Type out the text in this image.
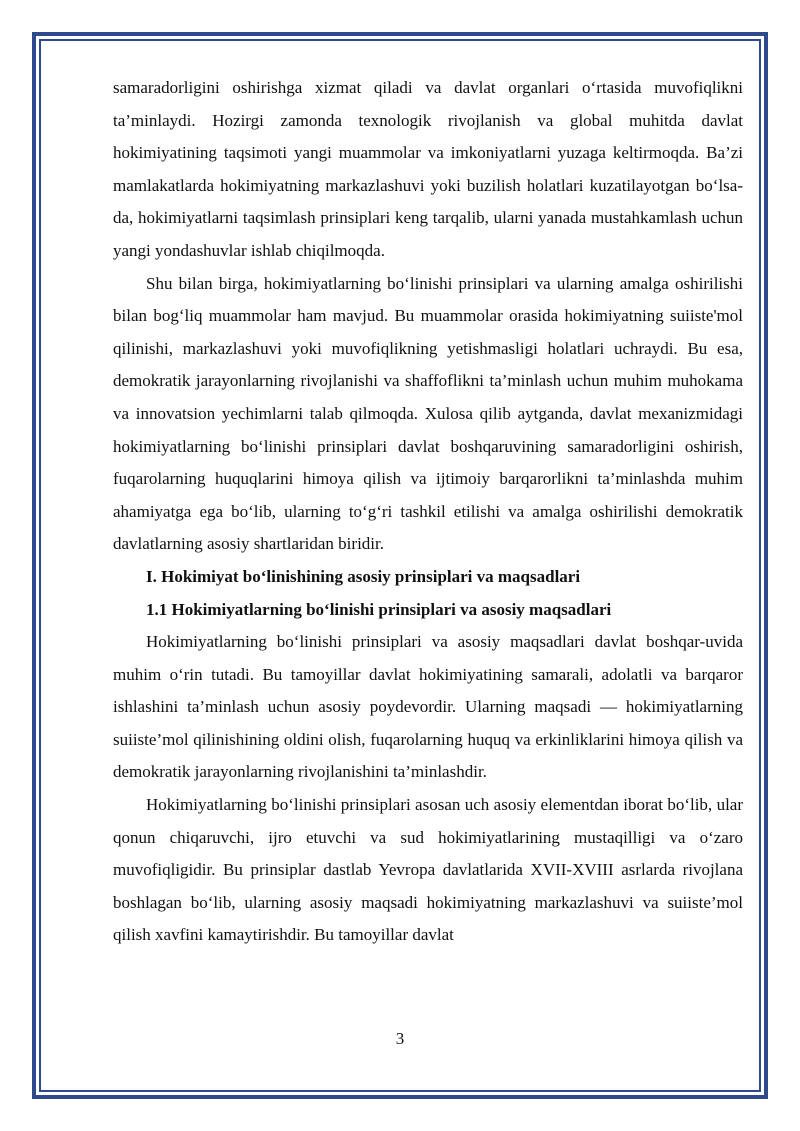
samaradorligini oshirishga xizmat qiladi va davlat organlari o‘rtasida muvofiqlikni ta’minlaydi. Hozirgi zamonda texnologik rivojlanish va global muhitda davlat hokimiyatining taqsimoti yangi muammolar va imkoniyatlarni yuzaga keltirmoqda. Ba’zi mamlakatlarda hokimiyatning markazlashuvi yoki buzilish holatlari kuzatilayotgan bo‘lsa-da, hokimiyatlarni taqsimlash prinsiplari keng tarqalib, ularni yanada mustahkamlash uchun yangi yondashuvlar ishlab chiqilmoqda.

Shu bilan birga, hokimiyatlarning bo‘linishi prinsiplari va ularning amalga oshirilishi bilan bog‘liq muammolar ham mavjud. Bu muammolar orasida hokimiyatning suiiste'mol qilinishi, markazlashuvi yoki muvofiqlikning yetishmasligi holatlari uchraydi. Bu esa, demokratik jarayonlarning rivojlanishi va shaffoflikni ta’minlash uchun muhim muhokama va innovatsion yechimlarni talab qilmoqda. Xulosa qilib aytganda, davlat mexanizmidagi hokimiyatlarning bo‘linishi prinsiplari davlat boshqaruvining samaradorligini oshirish, fuqarolarning huquqlarini himoya qilish va ijtimoiy barqarorlikni ta’minlashda muhim ahamiyatga ega bo‘lib, ularning to‘g‘ri tashkil etilishi va amalga oshirilishi demokratik davlatlarning asosiy shartlaridan biridir.

I. Hokimiyat bo‘linishining asosiy prinsiplari va maqsadlari

1.1 Hokimiyatlarning bo‘linishi prinsiplari va asosiy maqsadlari

Hokimiyatlarning bo‘linishi prinsiplari va asosiy maqsadlari davlat boshqar-uvida muhim o‘rin tutadi. Bu tamoyillar davlat hokimiyatining samarali, adolatli va barqaror ishlashini ta’minlash uchun asosiy poydevordir. Ularning maqsadi — hokimiyatlarning suiiste’mol qilinishining oldini olish, fuqarolarning huquq va erkinliklarini himoya qilish va demokratik jarayonlarning rivojlanishini ta’minlashdir.

Hokimiyatlarning bo‘linishi prinsiplari asosan uch asosiy elementdan iborat bo‘lib, ular qonun chiqaruvchi, ijro etuvchi va sud hokimiyatlarining mustaqilligi va o‘zaro muvofiqligidir. Bu prinsiplar dastlab Yevropa davlatlarida XVII-XVIII asrlarda rivojlana boshlagan bo‘lib, ularning asosiy maqsadi hokimiyatning markazlashuvi va suiiste’mol qilish xavfini kamaytirishdir. Bu tamoyillar davlat

3
